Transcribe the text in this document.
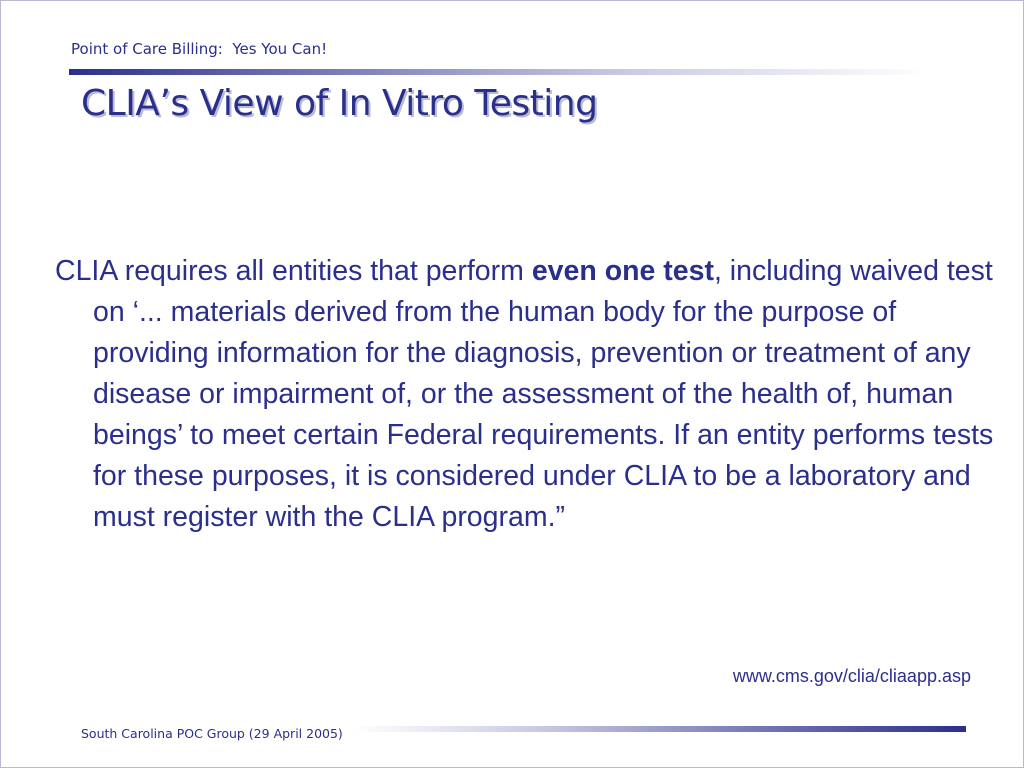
Point of Care Billing:  Yes You Can!
CLIA’s View of In Vitro Testing

CLIA requires all entities that perform even one test, including waived test on ‘... materials derived from the human body for the purpose of providing information for the diagnosis, prevention or treatment of any disease or impairment of, or the assessment of the health of, human beings’ to meet certain Federal requirements. If an entity performs tests for these purposes, it is considered under CLIA to be a laboratory and must register with the CLIA program.”

www.cms.gov/clia/cliaapp.asp
South Carolina POC Group (29 April 2005)
